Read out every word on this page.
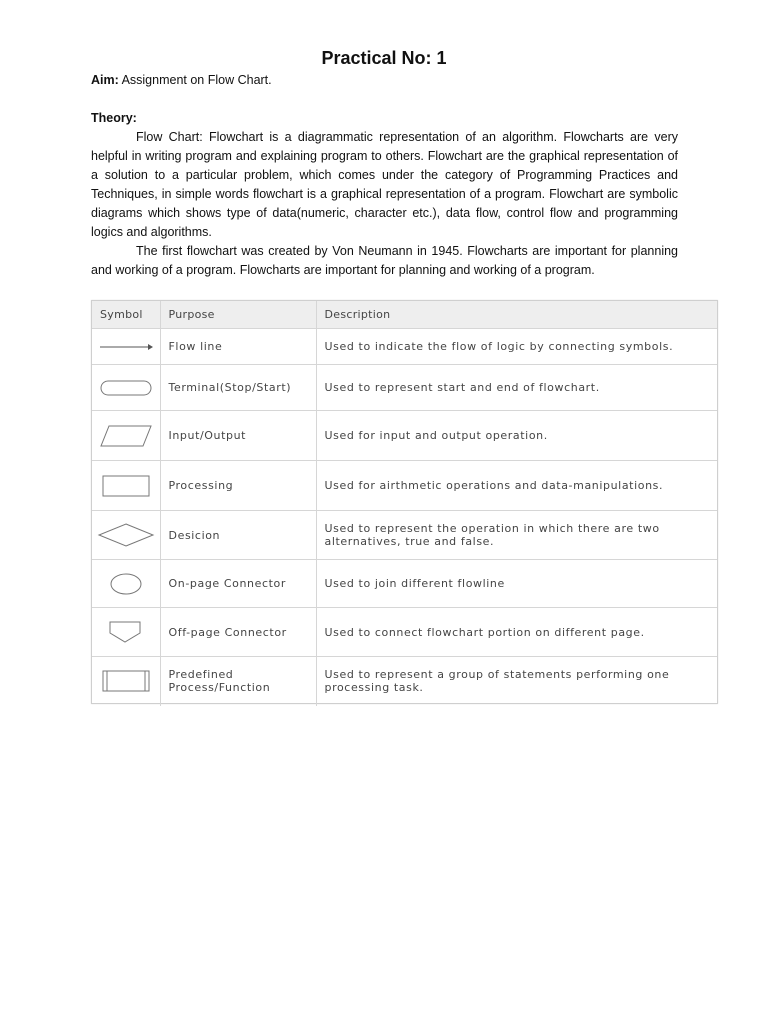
Practical No: 1
Aim: Assignment on Flow Chart.
Theory:

Flow Chart: Flowchart is a diagrammatic representation of an algorithm. Flowcharts are very helpful in writing program and explaining program to others. Flowchart are the graphical representation of a solution to a particular problem, which comes under the category of Programming Practices and Techniques, in simple words flowchart is a graphical representation of a program. Flowchart are symbolic diagrams which shows type of data(numeric, character etc.), data flow, control flow and programming logics and algorithms.

The first flowchart was created by Von Neumann in 1945. Flowcharts are important for planning and working of a program. Flowcharts are important for planning and working of a program.

Symbol	Purpose	Description

	Flow line	Used to indicate the flow of logic by connecting symbols.

	Terminal(Stop/Start)	Used to represent start and end of flowchart.

	Input/Output	Used for input and output operation.

	Processing	Used for airthmetic operations and data-manipulations.

	Desicion	Used to represent the operation in which there are two alternatives, true and false.

	On-page Connector	Used to join different flowline

	Off-page Connector	Used to connect flowchart portion on different page.

	Predefined Process/Function	Used to represent a group of statements performing one processing task.
